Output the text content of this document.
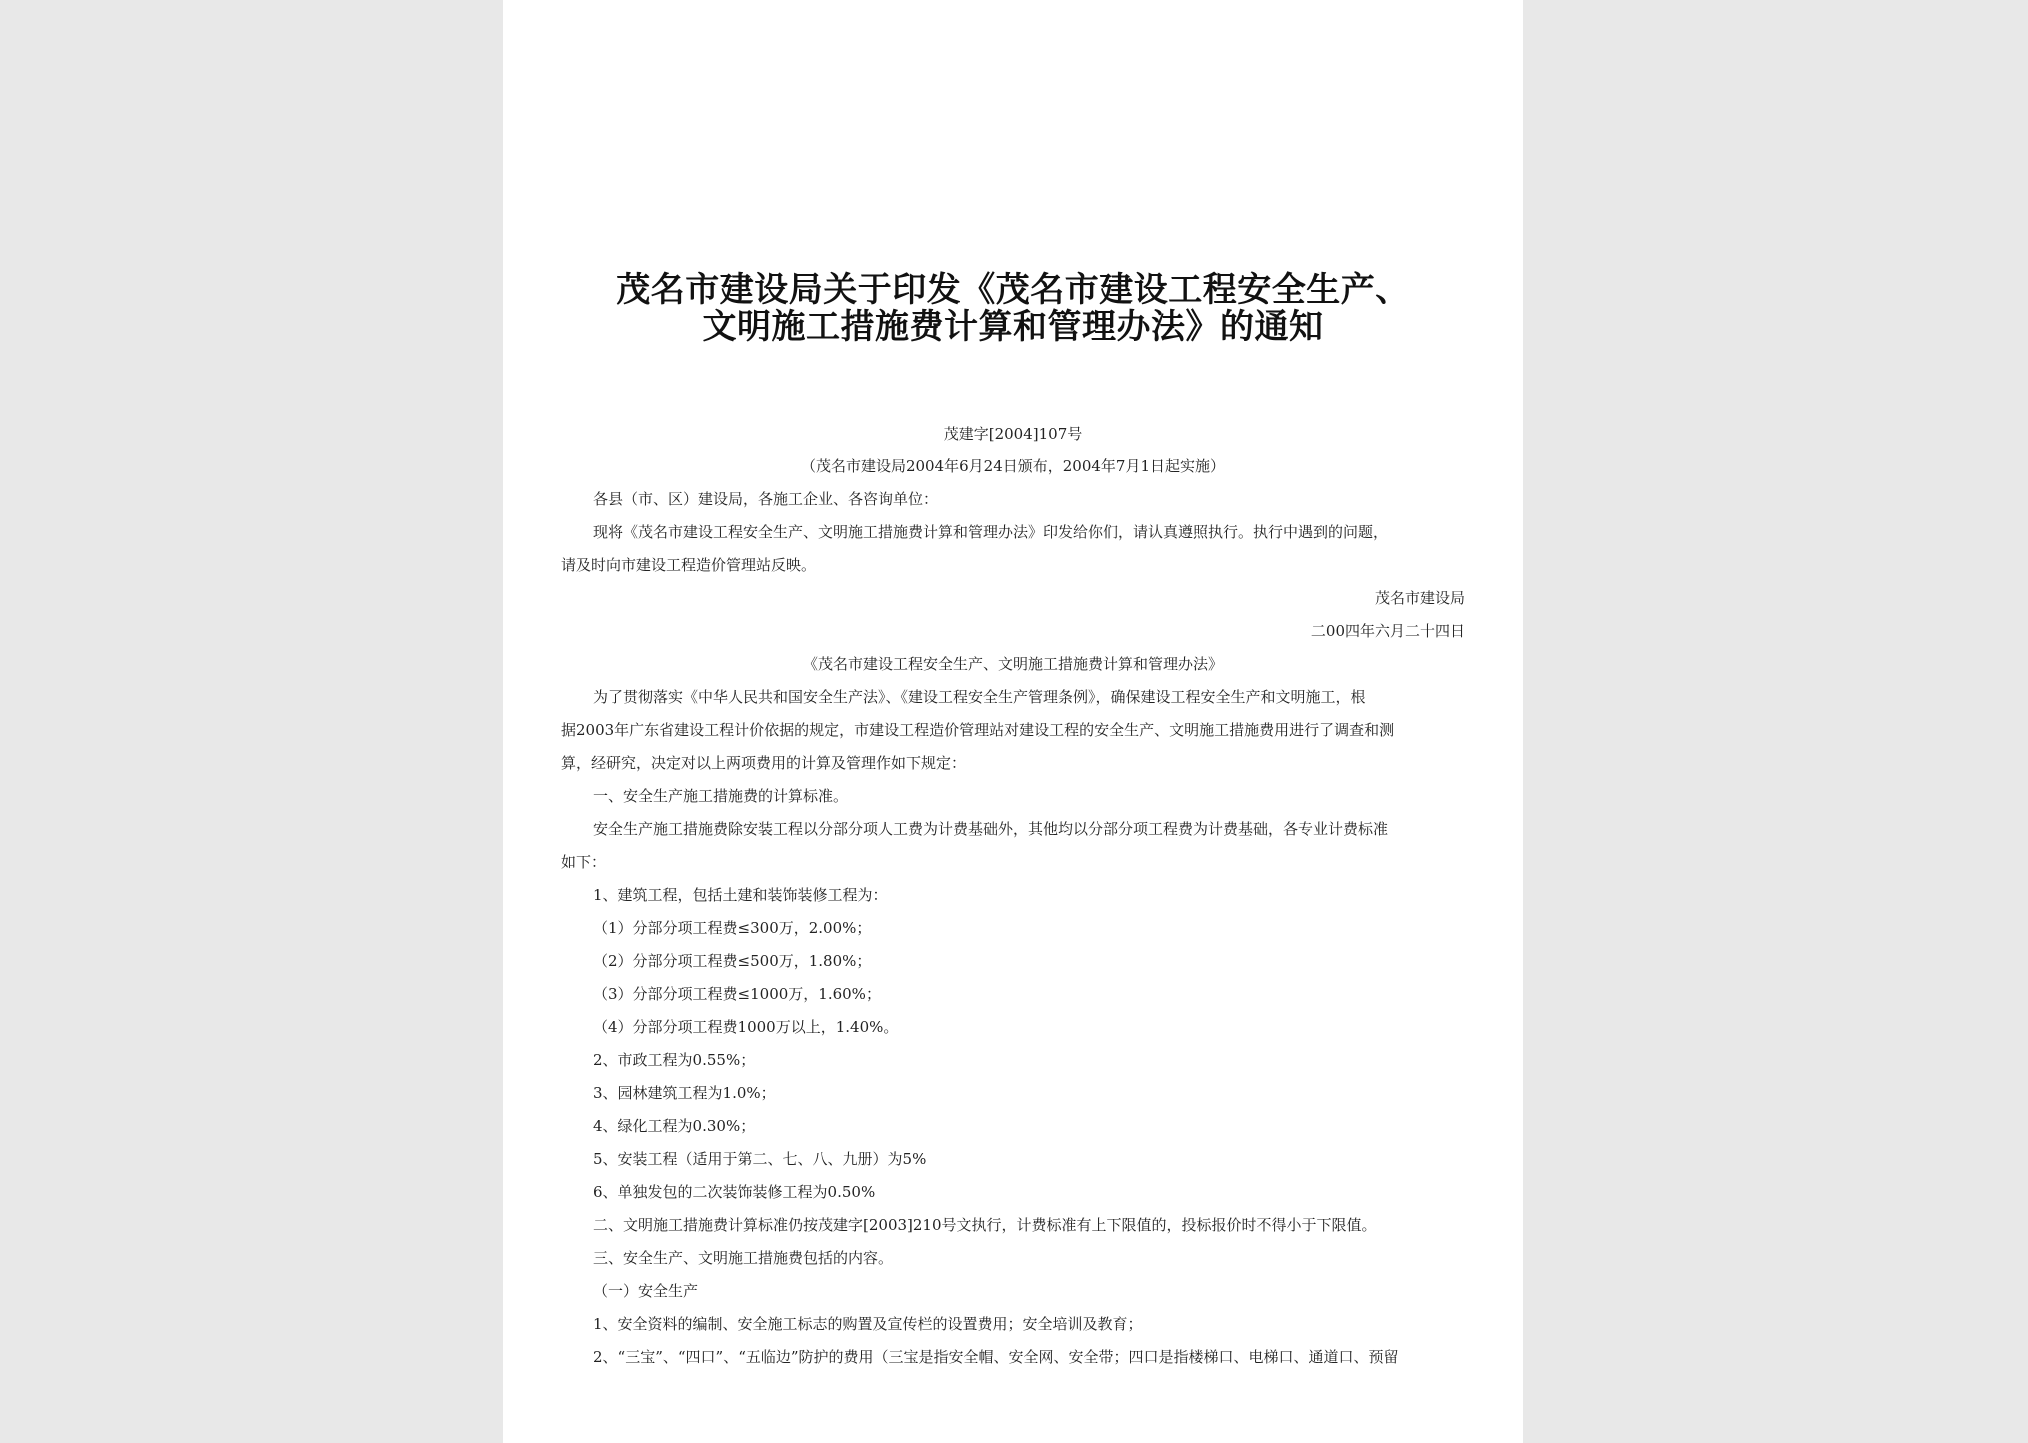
茂名市建设局关于印发《茂名市建设工程安全生产、
文明施工措施费计算和管理办法》的通知
茂建字[2004]107号
（茂名市建设局2004年6月24日颁布，2004年7月1日起实施）
各县（市、区）建设局，各施工企业、各咨询单位：
现将《茂名市建设工程安全生产、文明施工措施费计算和管理办法》印发给你们，请认真遵照执行。执行中遇到的问题，
请及时向市建设工程造价管理站反映。
茂名市建设局
二00四年六月二十四日
《茂名市建设工程安全生产、文明施工措施费计算和管理办法》
为了贯彻落实《中华人民共和国安全生产法》、《建设工程安全生产管理条例》，确保建设工程安全生产和文明施工，根
据2003年广东省建设工程计价依据的规定，市建设工程造价管理站对建设工程的安全生产、文明施工措施费用进行了调查和测
算，经研究，决定对以上两项费用的计算及管理作如下规定：
一、安全生产施工措施费的计算标准。
安全生产施工措施费除安装工程以分部分项人工费为计费基础外，其他均以分部分项工程费为计费基础，各专业计费标准
如下：
1、建筑工程，包括土建和装饰装修工程为：
（1）分部分项工程费≤300万，2.00%；
（2）分部分项工程费≤500万，1.80%；
（3）分部分项工程费≤1000万，1.60%；
（4）分部分项工程费1000万以上，1.40%。
2、市政工程为0.55%；
3、园林建筑工程为1.0%；
4、绿化工程为0.30%；
5、安装工程（适用于第二、七、八、九册）为5%
6、单独发包的二次装饰装修工程为0.50%
二、文明施工措施费计算标准仍按茂建字[2003]210号文执行，计费标准有上下限值的，投标报价时不得小于下限值。
三、安全生产、文明施工措施费包括的内容。
（一）安全生产
1、安全资料的编制、安全施工标志的购置及宣传栏的设置费用；安全培训及教育；
2、“三宝”、“四口”、“五临边”防护的费用（三宝是指安全帽、安全网、安全带；四口是指楼梯口、电梯口、通道口、预留
